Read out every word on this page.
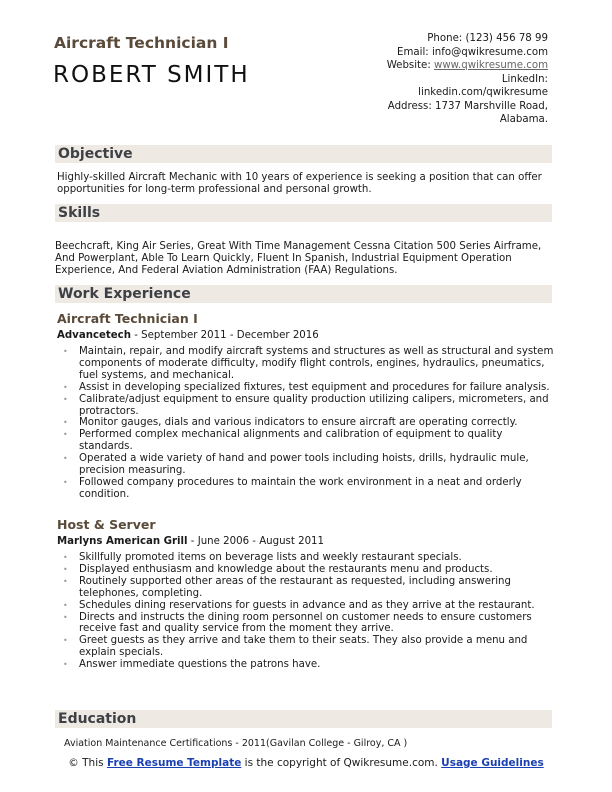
Aircraft Technician I
ROBERT SMITH
Phone: (123) 456 78 99
Email: info@qwikresume.com
Website: www.qwikresume.com
LinkedIn:
linkedin.com/qwikresume
Address: 1737 Marshville Road,
Alabama.
Objective
Highly-skilled Aircraft Mechanic with 10 years of experience is seeking a position that can offer opportunities for long-term professional and personal growth.
Skills
Beechcraft, King Air Series, Great With Time Management Cessna Citation 500 Series Airframe, And Powerplant, Able To Learn Quickly, Fluent In Spanish, Industrial Equipment Operation Experience, And Federal Aviation Administration (FAA) Regulations.
Work Experience
Aircraft Technician I
Advancetech - September 2011 - December 2016
• Maintain, repair, and modify aircraft systems and structures as well as structural and system components of moderate difficulty, modify flight controls, engines, hydraulics, pneumatics, fuel systems, and mechanical.
• Assist in developing specialized fixtures, test equipment and procedures for failure analysis.
• Calibrate/adjust equipment to ensure quality production utilizing calipers, micrometers, and protractors.
• Monitor gauges, dials and various indicators to ensure aircraft are operating correctly.
• Performed complex mechanical alignments and calibration of equipment to quality standards.
• Operated a wide variety of hand and power tools including hoists, drills, hydraulic mule, precision measuring.
• Followed company procedures to maintain the work environment in a neat and orderly condition.
Host & Server
Marlyns American Grill - June 2006 - August 2011
• Skillfully promoted items on beverage lists and weekly restaurant specials.
• Displayed enthusiasm and knowledge about the restaurants menu and products.
• Routinely supported other areas of the restaurant as requested, including answering telephones, completing.
• Schedules dining reservations for guests in advance and as they arrive at the restaurant.
• Directs and instructs the dining room personnel on customer needs to ensure customers receive fast and quality service from the moment they arrive.
• Greet guests as they arrive and take them to their seats. They also provide a menu and explain specials.
• Answer immediate questions the patrons have.
Education
Aviation Maintenance Certifications - 2011(Gavilan College - Gilroy, CA )
© This Free Resume Template is the copyright of Qwikresume.com. Usage Guidelines
